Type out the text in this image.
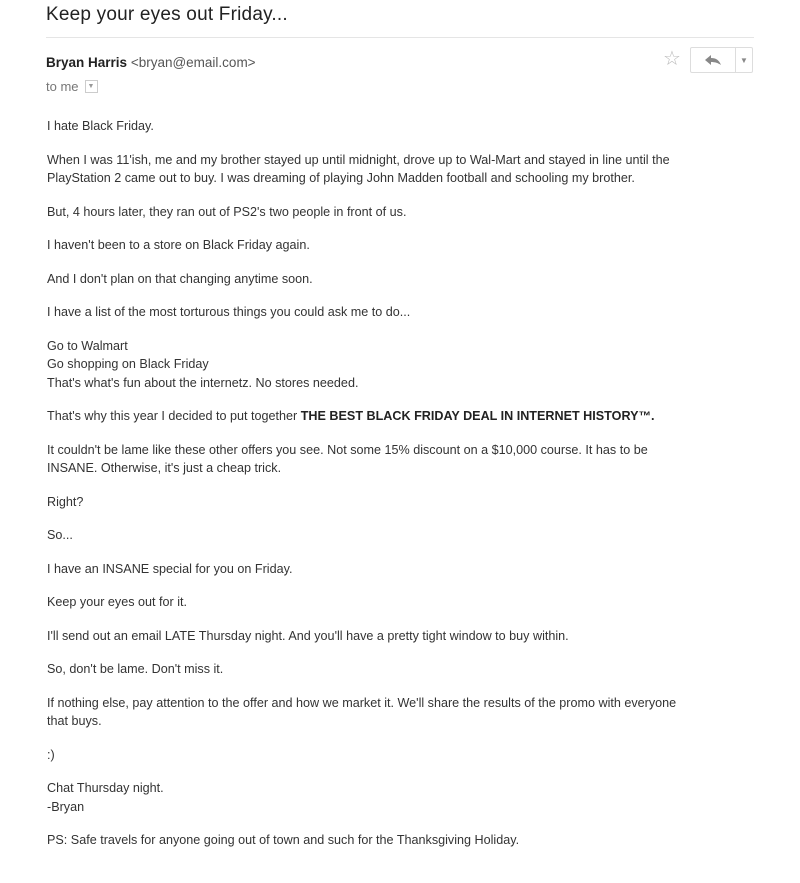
Keep your eyes out Friday...
Bryan Harris <bryan@email.com>
to me	▼
☆	▼

I hate Black Friday.

When I was 11'ish, me and my brother stayed up until midnight, drove up to Wal-Mart and stayed in line until the PlayStation 2 came out to buy. I was dreaming of playing John Madden football and schooling my brother.

But, 4 hours later, they ran out of PS2's two people in front of us.

I haven't been to a store on Black Friday again.

And I don't plan on that changing anytime soon.

I have a list of the most torturous things you could ask me to do...

Go to Walmart
Go shopping on Black Friday
That's what's fun about the internetz. No stores needed.

That's why this year I decided to put together THE BEST BLACK FRIDAY DEAL IN INTERNET HISTORY™.

It couldn't be lame like these other offers you see. Not some 15% discount on a $10,000 course. It has to be INSANE. Otherwise, it's just a cheap trick.

Right?

So...

I have an INSANE special for you on Friday.

Keep your eyes out for it.

I'll send out an email LATE Thursday night. And you'll have a pretty tight window to buy within.

So, don't be lame. Don't miss it.

If nothing else, pay attention to the offer and how we market it. We'll share the results of the promo with everyone that buys.

:)

Chat Thursday night.
-Bryan

PS: Safe travels for anyone going out of town and such for the Thanksgiving Holiday.
